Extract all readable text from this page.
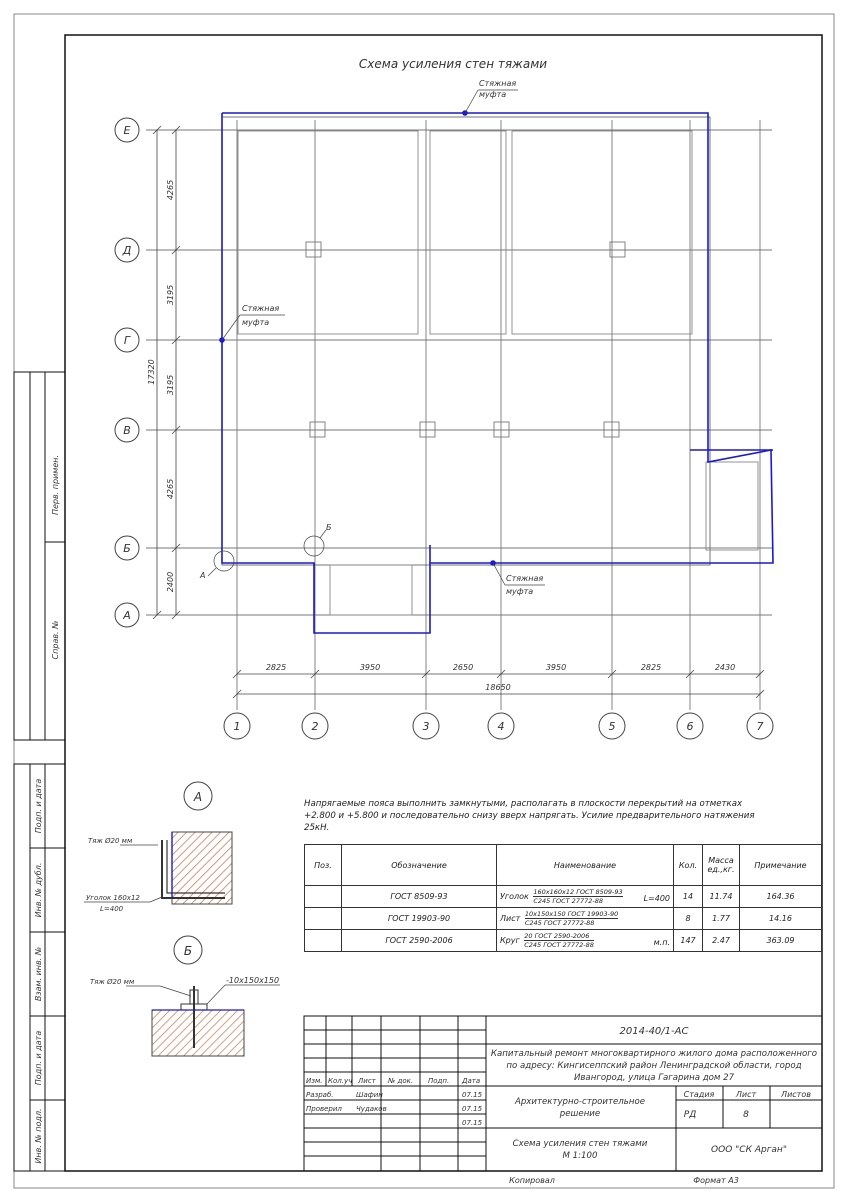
Перв. примен.
Справ. №
Подп. и дата
Инв. № дубл.
Взам. инв. №
Подп. и дата
Инв. № подл.
Схема усиления стен тяжами
Стяжная
муфта
Стяжная
муфта
Стяжная
муфта
А
Б
Е
Д
Г
В
Б
А
1	2	3	4	5	6	7
4265
3195
3195
4265
2400
17320
2825	3950	2650	3950	2825	2430
18650
А
Тяж Ø20 мм
Уголок 160х12
L=400
Б
Тяж Ø20 мм	-10х150х150
2014-40/1-АС
Капитальный ремонт многоквартирного жилого дома расположенного
по адресу: Кингисеппский район Ленинградской области, город
Ивангород, улица Гагарина дом 27
Изм. Кол.уч Лист № док. Подп. Дата
Разраб.	Шафин	07.15
Проверил Чудаков	07.15
07.15
Архитектурно-строительное
решение
Стадия	Лист	Листов
РД	8
Схема усиления стен тяжами
М 1:100
ООО "СК Арган"
Копировал	Формат А3
Напрягаемые пояса выполнить замкнутыми, располагать в плоскости перекрытий на отметках +2.800 и +5.800 и последовательно снизу вверх напрягать. Усилие предварительного натяжения 25кН.
Поз.	Обозначение	Наименование	Кол.	Масса ед.,кг.	Примечание
	ГОСТ 8509-93	Уголок 160х160х12 ГОСТ 8509-93
С245 ГОСТ 27772-88 L=400	14	11.74	164.36
	ГОСТ 19903-90	Лист 10х150х150 ГОСТ 19903-90
С245 ГОСТ 27772-88	8	1.77	14.16
	ГОСТ 2590-2006	Круг 20 ГОСТ 2590-2006
С245 ГОСТ 27772-88 м.п.	147	2.47	363.09
